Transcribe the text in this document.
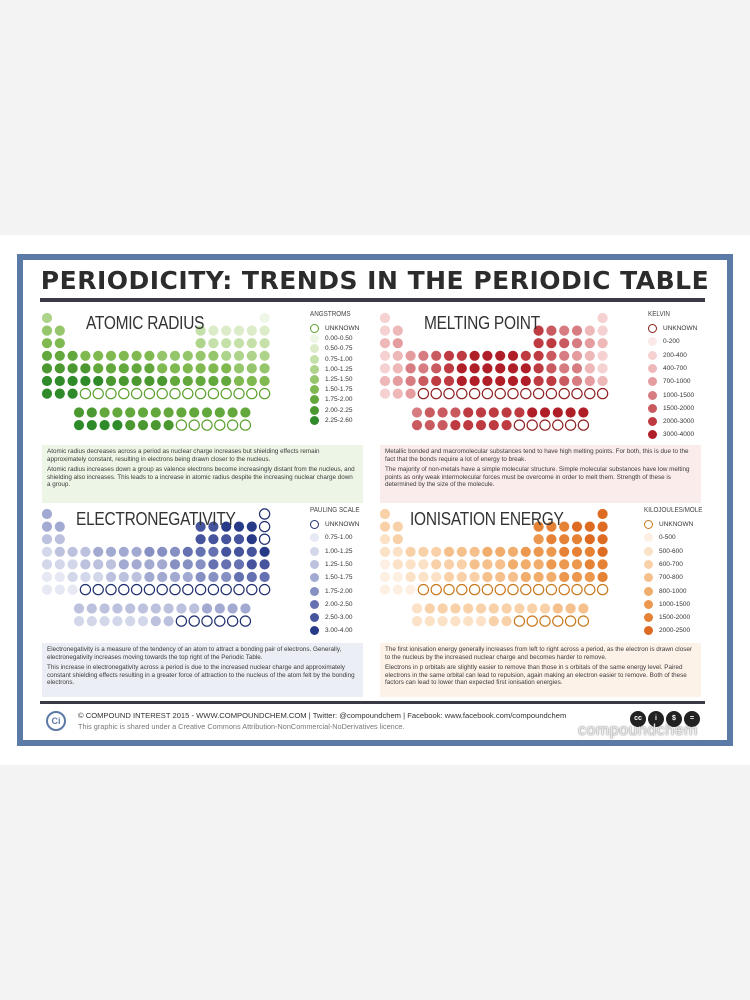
PERIODICITY: TRENDS IN THE PERIODIC TABLE
ATOMIC RADIUS	ANGSTROMS
UNKNOWN
0.00-0.50
0.50-0.75
0.75-1.00
1.00-1.25
1.25-1.50
1.50-1.75
1.75-2.00
2.00-2.25
2.25-2.60

Atomic radius decreases across a period as nuclear charge increases but shielding effects remain approximately constant, resulting in electrons being drawn closer to the nucleus.

Atomic radius increases down a group as valence electrons become increasingly distant from the nucleus, and shielding also increases. This leads to a increase in atomic radius despite the increasing nuclear charge down a group.

MELTING POINT	KELVIN
UNKNOWN
0-200
200-400
400-700
700-1000
1000-1500
1500-2000
2000-3000
3000-4000

Metallic bonded and macromolecular substances tend to have high melting points. For both, this is due to the fact that the bonds require a lot of energy to break.

The majority of non-metals have a simple molecular structure. Simple molecular substances have low melting points as only weak intermolecular forces must be overcome in order to melt them. Strength of these is determined by the size of the molecule.

ELECTRONEGATIVITY	PAULING SCALE
UNKNOWN
0.75-1.00
1.00-1.25
1.25-1.50
1.50-1.75
1.75-2.00
2.00-2.50
2.50-3.00
3.00-4.00

Electronegativity is a measure of the tendency of an atom to attract a bonding pair of electrons. Generally, electronegativity increases moving towards the top right of the Periodic Table.

This increase in electronegativity across a period is due to the increased nuclear charge and approximately constant shielding effects resulting in a greater force of attraction to the nucleus of the atom felt by the bonding electrons.

IONISATION ENERGY	KILOJOULES/MOLE
UNKNOWN
0-500
500-600
600-700
700-800
800-1000
1000-1500
1500-2000
2000-2500

The first ionisation energy generally increases from left to right across a period, as the electron is drawn closer to the nucleus by the increased nuclear charge and becomes harder to remove.

Electrons in p orbitals are slightly easier to remove than those in s orbitals of the same energy level. Paired electrons in the same orbital can lead to repulsion, again making an electron easier to remove. Both of these factors can lead to lower than expected first ionisation energies.

Ci
© COMPOUND INTEREST 2015 - WWW.COMPOUNDCHEM.COM | Twitter: @compoundchem | Facebook: www.facebook.com/compoundchem
This graphic is shared under a Creative Commons Attribution-NonCommercial-NoDerivatives licence.
cc	i	$	=
compoundchem
